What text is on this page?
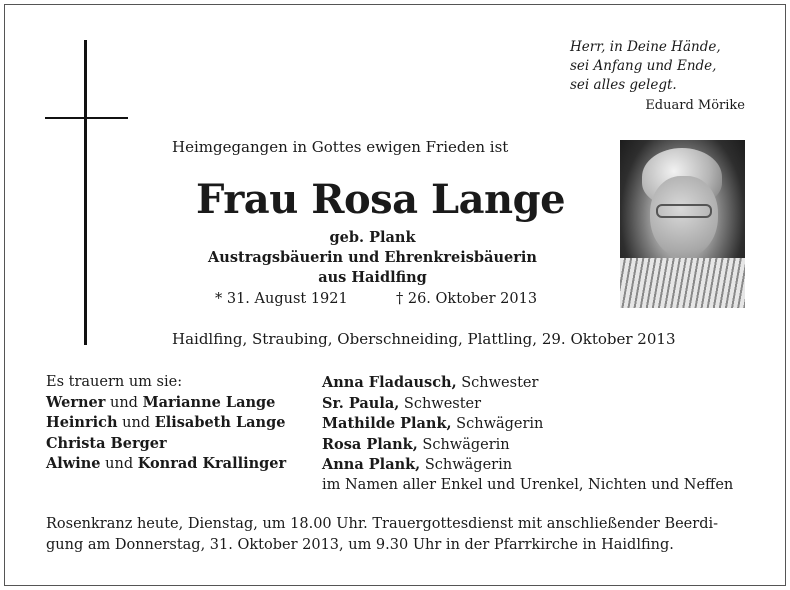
Herr, in Deine Hände,
sei Anfang und Ende,
sei alles gelegt.
Eduard Mörike
Heimgegangen in Gottes ewigen Frieden ist
Frau Rosa Lange
geb. Plank
Austragsbäuerin und Ehrenkreisbäuerin
aus Haidlfing
* 31. August 1921	† 26. Oktober 2013
Haidlfing, Straubing, Oberschneiding, Plattling, 29. Oktober 2013
Es trauern um sie:
Werner und Marianne Lange
Heinrich und Elisabeth Lange
Christa Berger
Alwine und Konrad Krallinger
Anna Fladausch, Schwester
Sr. Paula, Schwester
Mathilde Plank, Schwägerin
Rosa Plank, Schwägerin
Anna Plank, Schwägerin
im Namen aller Enkel und Urenkel, Nichten und Neffen
Rosenkranz heute, Dienstag, um 18.00 Uhr. Trauergottesdienst mit anschließender Beerdi-
gung am Donnerstag, 31. Oktober 2013, um 9.30 Uhr in der Pfarrkirche in Haidlfing.
